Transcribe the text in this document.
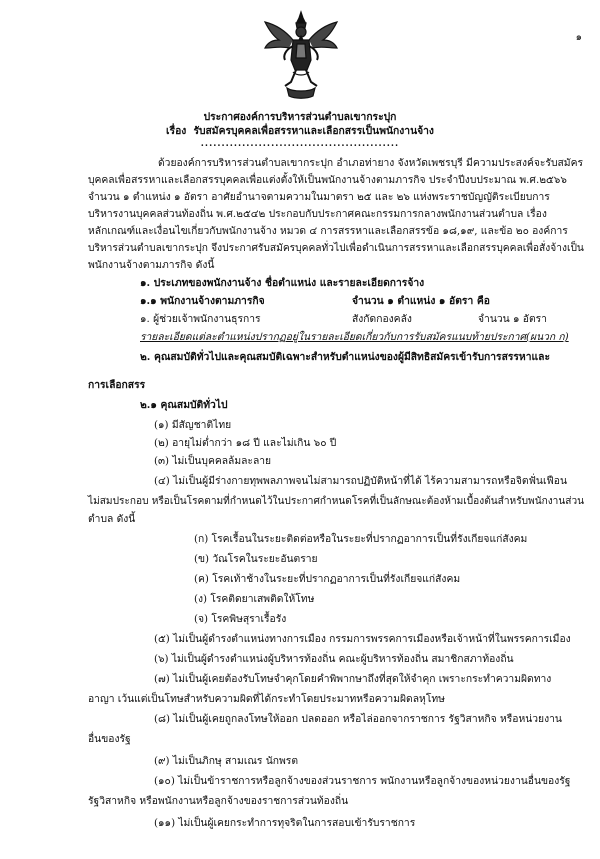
๑
ประกาศองค์การบริหารส่วนตำบลเขากระปุก
เรื่อง รับสมัครบุคคลเพื่อสรรหาและเลือกสรรเป็นพนักงานจ้าง
................................................
ด้วยองค์การบริหารส่วนตำบลเขากระปุก อำเภอท่ายาง จังหวัดเพชรบุรี มีความประสงค์จะรับสมัคร
บุคคลเพื่อสรรหาและเลือกสรรบุคคลเพื่อแต่งตั้งให้เป็นพนักงานจ้างตามภารกิจ ประจำปีงบประมาณ พ.ศ.๒๕๖๖
จำนวน ๑ ตำแหน่ง ๑ อัตรา อาศัยอำนาจตามความในมาตรา ๒๕ และ ๒๖ แห่งพระราชบัญญัติระเบียบการ
บริหารงานบุคคลส่วนท้องถิ่น พ.ศ.๒๕๔๒ ประกอบกับประกาศคณะกรรมการกลางพนักงานส่วนตำบล เรื่อง
หลักเกณฑ์และเงื่อนไขเกี่ยวกับพนักงานจ้าง หมวด ๔ การสรรหาและเลือกสรรข้อ ๑๘,๑๙, และข้อ ๒๐ องค์การ
บริหารส่วนตำบลเขากระปุก จึงประกาศรับสมัครบุคคลทั่วไปเพื่อดำเนินการสรรหาและเลือกสรรบุคคลเพื่อสั่งจ้างเป็น
พนักงานจ้างตามภารกิจ ดังนี้
๑. ประเภทของพนักงานจ้าง ชื่อตำแหน่ง และรายละเอียดการจ้าง
๑.๑ พนักงานจ้างตามภารกิจ	จำนวน ๑ ตำแหน่ง ๑ อัตรา คือ
๑. ผู้ช่วยเจ้าพนักงานธุรการ	สังกัดกองคลัง	จำนวน ๑ อัตรา
รายละเอียดแต่ละตำแหน่งปรากฏอยู่ในรายละเอียดเกี่ยวกับการรับสมัครแนบท้ายประกาศ(ผนวก ก)
๒. คุณสมบัติทั่วไปและคุณสมบัติเฉพาะสำหรับตำแหน่งของผู้มีสิทธิสมัครเข้ารับการสรรหาและ
การเลือกสรร
๒.๑ คุณสมบัติทั่วไป
(๑) มีสัญชาติไทย
(๒) อายุไม่ต่ำกว่า ๑๘ ปี และไม่เกิน ๖๐ ปี
(๓) ไม่เป็นบุคคลล้มละลาย
(๔) ไม่เป็นผู้มีร่างกายทุพพลภาพจนไม่สามารถปฏิบัติหน้าที่ได้ ไร้ความสามารถหรือจิตฟั่นเฟือน
ไม่สมประกอบ หรือเป็นโรคตามที่กำหนดไว้ในประกาศกำหนดโรคที่เป็นลักษณะต้องห้ามเบื้องต้นสำหรับพนักงานส่วน
ตำบล ดังนี้
(ก) โรคเรื้อนในระยะติดต่อหรือในระยะที่ปรากฏอาการเป็นที่รังเกียจแก่สังคม
(ข) วัณโรคในระยะอันตราย
(ค) โรคเท้าช้างในระยะที่ปรากฏอาการเป็นที่รังเกียจแก่สังคม
(ง) โรคติดยาเสพติดให้โทษ
(จ) โรคพิษสุราเรื้อรัง
(๕) ไม่เป็นผู้ดำรงตำแหน่งทางการเมือง กรรมการพรรคการเมืองหรือเจ้าหน้าที่ในพรรคการเมือง
(๖) ไม่เป็นผู้ดำรงตำแหน่งผู้บริหารท้องถิ่น คณะผู้บริหารท้องถิ่น สมาชิกสภาท้องถิ่น
(๗) ไม่เป็นผู้เคยต้องรับโทษจำคุกโดยคำพิพากษาถึงที่สุดให้จำคุก เพราะกระทำความผิดทาง
อาญา เว้นแต่เป็นโทษสำหรับความผิดที่ได้กระทำโดยประมาทหรือความผิดลหุโทษ
(๘) ไม่เป็นผู้เคยถูกลงโทษให้ออก ปลดออก หรือไล่ออกจากราชการ รัฐวิสาหกิจ หรือหน่วยงาน
อื่นของรัฐ
(๙) ไม่เป็นภิกษุ สามเณร นักพรต
(๑๐) ไม่เป็นข้าราชการหรือลูกจ้างของส่วนราชการ พนักงานหรือลูกจ้างของหน่วยงานอื่นของรัฐ
รัฐวิสาหกิจ หรือพนักงานหรือลูกจ้างของราชการส่วนท้องถิ่น
(๑๑) ไม่เป็นผู้เคยกระทำการทุจริตในการสอบเข้ารับราชการ
